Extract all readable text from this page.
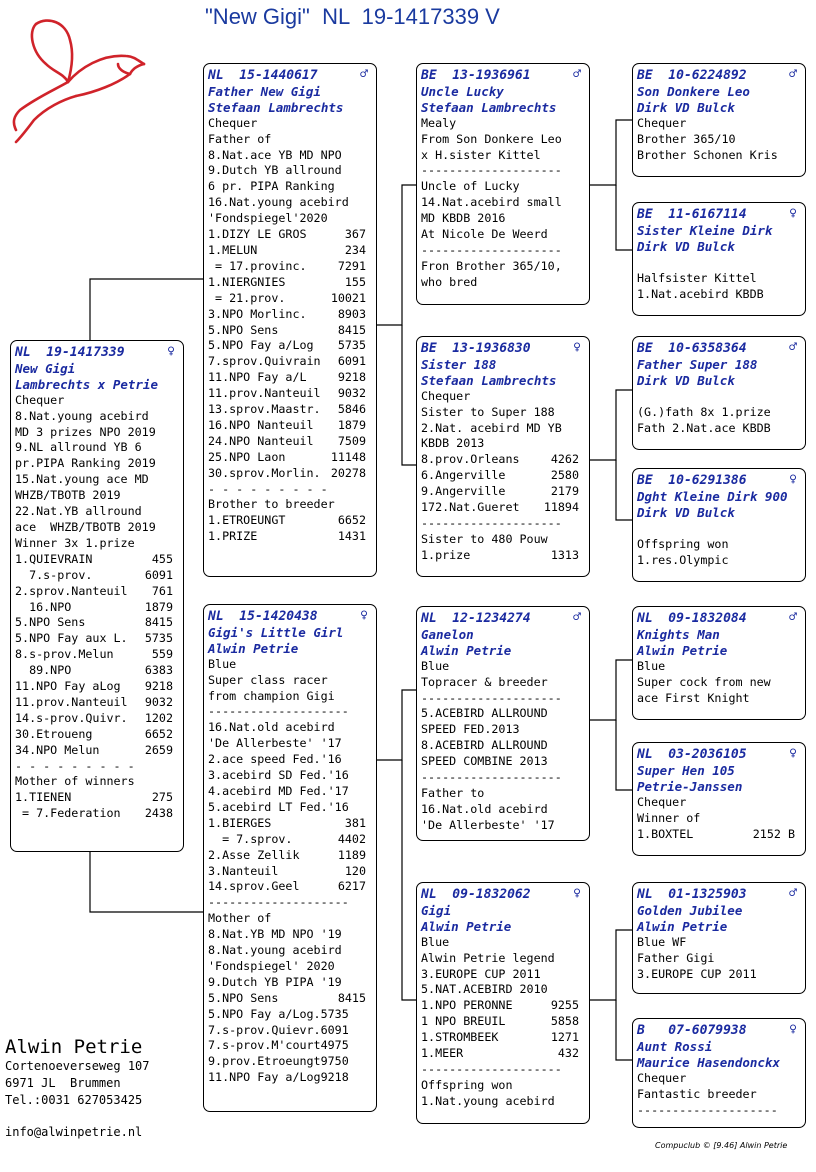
"New Gigi"  NL  19-1417339 V
NL  19-1417339	♀
New Gigi
Lambrechts x Petrie
Chequer
8.Nat.young acebird
MD 3 prizes NPO 2019
9.NL allround YB 6
pr.PIPA Ranking 2019
15.Nat.young ace MD
WHZB/TBOTB 2019
22.Nat.YB allround
ace  WHZB/TBOTB 2019
Winner 3x 1.prize
1.QUIEVRAIN	455
7.s-prov.	6091
2.sprov.Nanteuil	761
16.NPO	1879
5.NPO Sens	8415
5.NPO Fay aux L.	5735
8.s-prov.Melun	559
89.NPO	6383
11.NPO Fay aLog	9218
11.prov.Nanteuil	9032
14.s-prov.Quivr.	1202
30.Etroueng	6652
34.NPO Melun	2659
- - - - - - - - -
Mother of winners
1.TIENEN	275
= 7.Federation	2438
NL  15-1440617	♂
Father New Gigi
Stefaan Lambrechts
Chequer
Father of
8.Nat.ace YB MD NPO
9.Dutch YB allround
6 pr. PIPA Ranking
16.Nat.young acebird
'Fondspiegel'2020
1.DIZY LE GROS	367
1.MELUN	234
= 17.provinc.	7291
1.NIERGNIES	155
= 21.prov.	10021
3.NPO Morlinc.	8903
5.NPO Sens	8415
5.NPO Fay a/Log	5735
7.sprov.Quivrain	6091
11.NPO Fay a/L	9218
11.prov.Nanteuil	9032
13.sprov.Maastr.	5846
16.NPO Nanteuil	1879
24.NPO Nanteuil	7509
25.NPO Laon	11148
30.sprov.Morlin. 20278
- - - - - - - - -
Brother to breeder
1.ETROEUNGT	6652
1.PRIZE	1431
NL  15-1420438	♀
Gigi's Little Girl
Alwin Petrie
Blue
Super class racer
from champion Gigi
--------------------
16.Nat.old acebird
'De Allerbeste' '17
2.ace speed Fed.'16
3.acebird SD Fed.'16
4.acebird MD Fed.'17
5.acebird LT Fed.'16
1.BIERGES	381
= 7.sprov.	4402
2.Asse Zellik	1189
3.Nanteuil	120
14.sprov.Geel	6217
--------------------
Mother of
8.Nat.YB MD NPO '19
8.Nat.young acebird
'Fondspiegel' 2020
9.Dutch YB PIPA '19
5.NPO Sens	8415
5.NPO Fay a/Log.5735
7.s-prov.Quievr.6091
7.s-prov.M'court4975
9.prov.Etroeungt9750
11.NPO Fay a/Log9218
BE  13-1936961	♂
Uncle Lucky
Stefaan Lambrechts
Mealy
From Son Donkere Leo
x H.sister Kittel
--------------------
Uncle of Lucky
14.Nat.acebird small
MD KBDB 2016
At Nicole De Weerd
--------------------
Fron Brother 365/10,
who bred
BE  13-1936830	♀
Sister 188
Stefaan Lambrechts
Chequer
Sister to Super 188
2.Nat. acebird MD YB
KBDB 2013
8.prov.Orleans	4262
6.Angerville	2580
9.Angerville	2179
172.Nat.Gueret	11894
--------------------
Sister to 480 Pouw
1.prize	1313
NL  12-1234274	♂
Ganelon
Alwin Petrie
Blue
Topracer & breeder
--------------------
5.ACEBIRD ALLROUND
SPEED FED.2013
8.ACEBIRD ALLROUND
SPEED COMBINE 2013
--------------------
Father to
16.Nat.old acebird
'De Allerbeste' '17
NL  09-1832062	♀
Gigi
Alwin Petrie
Blue
Alwin Petrie legend
3.EUROPE CUP 2011
5.NAT.ACEBIRD 2010
1.NPO PERONNE	9255
1 NPO BREUIL	5858
1.STROMBEEK	1271
1.MEER	432
--------------------
Offspring won
1.Nat.young acebird
BE  10-6224892	♂
Son Donkere Leo
Dirk VD Bulck
Chequer
Brother 365/10
Brother Schonen Kris
BE  11-6167114	♀
Sister Kleine Dirk
Dirk VD Bulck

Halfsister Kittel
1.Nat.acebird KBDB
BE  10-6358364	♂
Father Super 188
Dirk VD Bulck

(G.)fath 8x 1.prize
Fath 2.Nat.ace KBDB
BE  10-6291386	♀
Dght Kleine Dirk 900
Dirk VD Bulck

Offspring won
1.res.Olympic
NL  09-1832084	♂
Knights Man
Alwin Petrie
Blue
Super cock from new
ace First Knight
NL  03-2036105	♀
Super Hen 105
Petrie-Janssen
Chequer
Winner of
1.BOXTEL	2152 B
NL  01-1325903	♂
Golden Jubilee
Alwin Petrie
Blue WF
Father Gigi
3.EUROPE CUP 2011
B   07-6079938	♀
Aunt Rossi
Maurice Hasendonckx
Chequer
Fantastic breeder
--------------------
Alwin Petrie
Cortenoeverseweg 107
6971 JL  Brummen
Tel.:0031 627053425
info@alwinpetrie.nl
Compuclub © [9.46] Alwin Petrie
